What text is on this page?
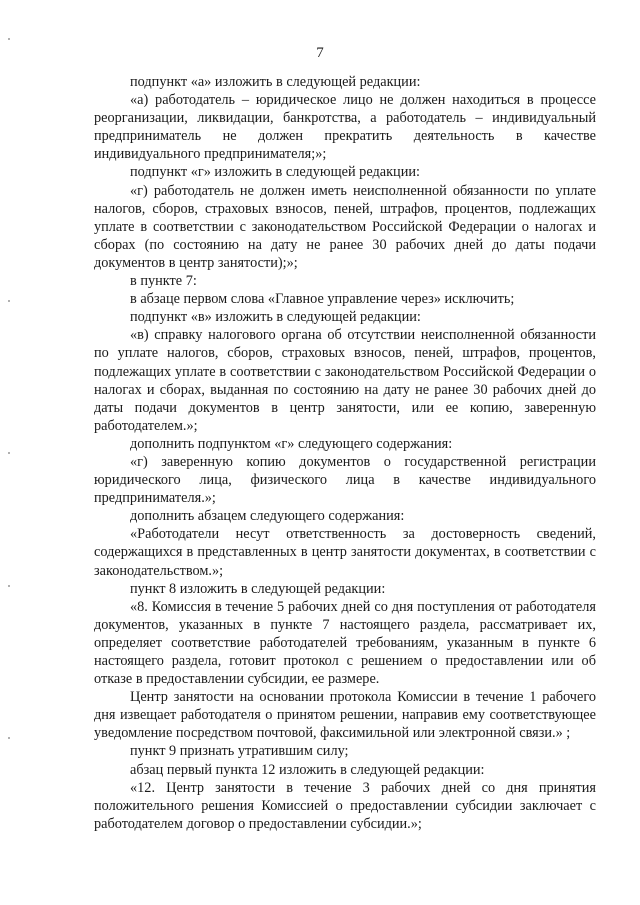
7

подпункт «а» изложить в следующей редакции:

«а) работодатель – юридическое лицо не должен находиться в процессе реорганизации, ликвидации, банкротства, а работодатель – индивидуальный предприниматель не должен прекратить деятельность в качестве индивидуального предпринимателя;»;

подпункт «г» изложить в следующей редакции:

«г) работодатель не должен иметь неисполненной обязанности по уплате налогов, сборов, страховых взносов, пеней, штрафов, процентов, подлежащих уплате в соответствии с законодательством Российской Федерации о налогах и сборах (по состоянию на дату не ранее 30 рабочих дней до даты подачи документов в центр занятости);»;

в пункте 7:

в абзаце первом слова «Главное управление через» исключить;

подпункт «в» изложить в следующей редакции:

«в) справку налогового органа об отсутствии неисполненной обязанности по уплате налогов, сборов, страховых взносов, пеней, штрафов, процентов, подлежащих уплате в соответствии с законодательством Российской Федерации о налогах и сборах, выданная по состоянию на дату не ранее 30 рабочих дней до даты подачи документов в центр занятости, или ее копию, заверенную работодателем.»;

дополнить подпунктом «г» следующего содержания:

«г) заверенную копию документов о государственной регистрации юридического лица, физического лица в качестве индивидуального предпринимателя.»;

дополнить абзацем следующего содержания:

«Работодатели несут ответственность за достоверность сведений, содержащихся в представленных в центр занятости документах, в соответствии с законодательством.»;

пункт 8 изложить в следующей редакции:

«8. Комиссия в течение 5 рабочих дней со дня поступления от работодателя документов, указанных в пункте 7 настоящего раздела, рассматривает их, определяет соответствие работодателей требованиям, указанным в пункте 6 настоящего раздела, готовит протокол с решением о предоставлении или об отказе в предоставлении субсидии, ее размере.

Центр занятости на основании протокола Комиссии в течение 1 рабочего дня извещает работодателя о принятом решении, направив ему соответствующее уведомление посредством почтовой, факсимильной или электронной связи.» ;

пункт 9 признать утратившим силу;

абзац первый пункта 12 изложить в следующей редакции:

«12. Центр занятости в течение 3 рабочих дней со дня принятия положительного решения Комиссией о предоставлении субсидии заключает с работодателем договор о предоставлении субсидии.»;
